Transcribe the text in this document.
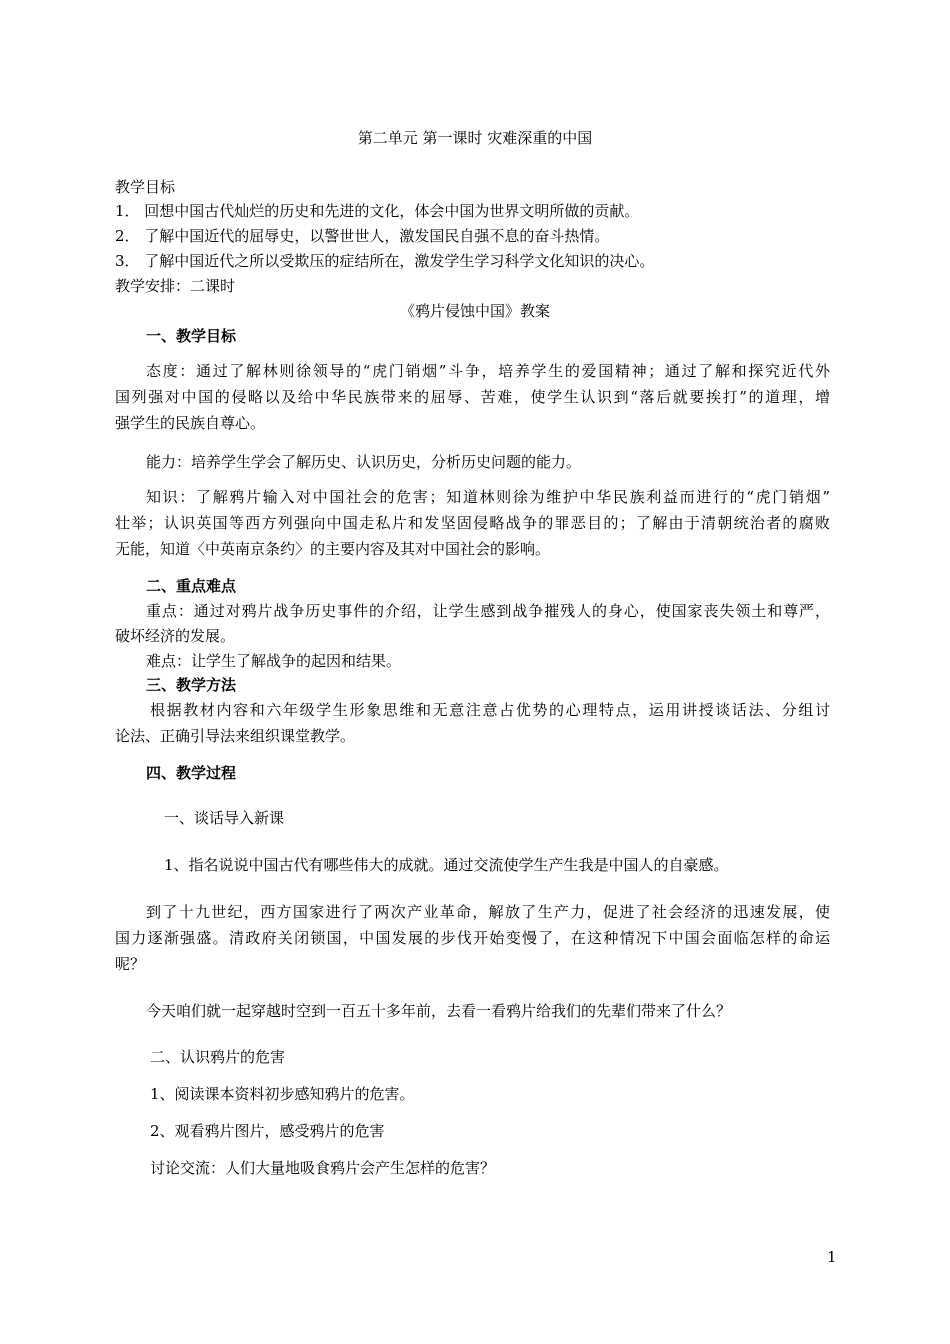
第二单元 第一课时 灾难深重的中国
教学目标
1． 回想中国古代灿烂的历史和先进的文化，体会中国为世界文明所做的贡献。
2． 了解中国近代的屈辱史，以警世世人，激发国民自强不息的奋斗热情。
3． 了解中国近代之所以受欺压的症结所在，激发学生学习科学文化知识的决心。
教学安排：二课时
《鸦片侵蚀中国》教案
一、教学目标
态度：通过了解林则徐领导的“虎门销烟”斗争，培养学生的爱国精神；通过了解和探究近代外
国列强对中国的侵略以及给中华民族带来的屈辱、苦难，使学生认识到“落后就要挨打”的道理，增
强学生的民族自尊心。
能力：培养学生学会了解历史、认识历史，分析历史问题的能力。
知识：了解鸦片输入对中国社会的危害；知道林则徐为维护中华民族利益而进行的“虎门销烟”
壮举；认识英国等西方列强向中国走私片和发坚固侵略战争的罪恶目的；了解由于清朝统治者的腐败
无能，知道〈中英南京条约〉的主要内容及其对中国社会的影响。
二、重点难点
重点：通过对鸦片战争历史事件的介绍，让学生感到战争摧残人的身心，使国家丧失领土和尊严，
破坏经济的发展。
难点：让学生了解战争的起因和结果。
三、教学方法
根据教材内容和六年级学生形象思维和无意注意占优势的心理特点，运用讲授谈话法、分组讨
论法、正确引导法来组织课堂教学。
四、教学过程
一、谈话导入新课
1、指名说说中国古代有哪些伟大的成就。通过交流使学生产生我是中国人的自豪感。
到了十九世纪，西方国家进行了两次产业革命，解放了生产力，促进了社会经济的迅速发展，使
国力逐渐强盛。清政府关闭锁国，中国发展的步伐开始变慢了，在这种情况下中国会面临怎样的命运
呢？
今天咱们就一起穿越时空到一百五十多年前，去看一看鸦片给我们的先辈们带来了什么？
二、认识鸦片的危害
1、阅读课本资料初步感知鸦片的危害。
2、观看鸦片图片，感受鸦片的危害
讨论交流：人们大量地吸食鸦片会产生怎样的危害？
1
